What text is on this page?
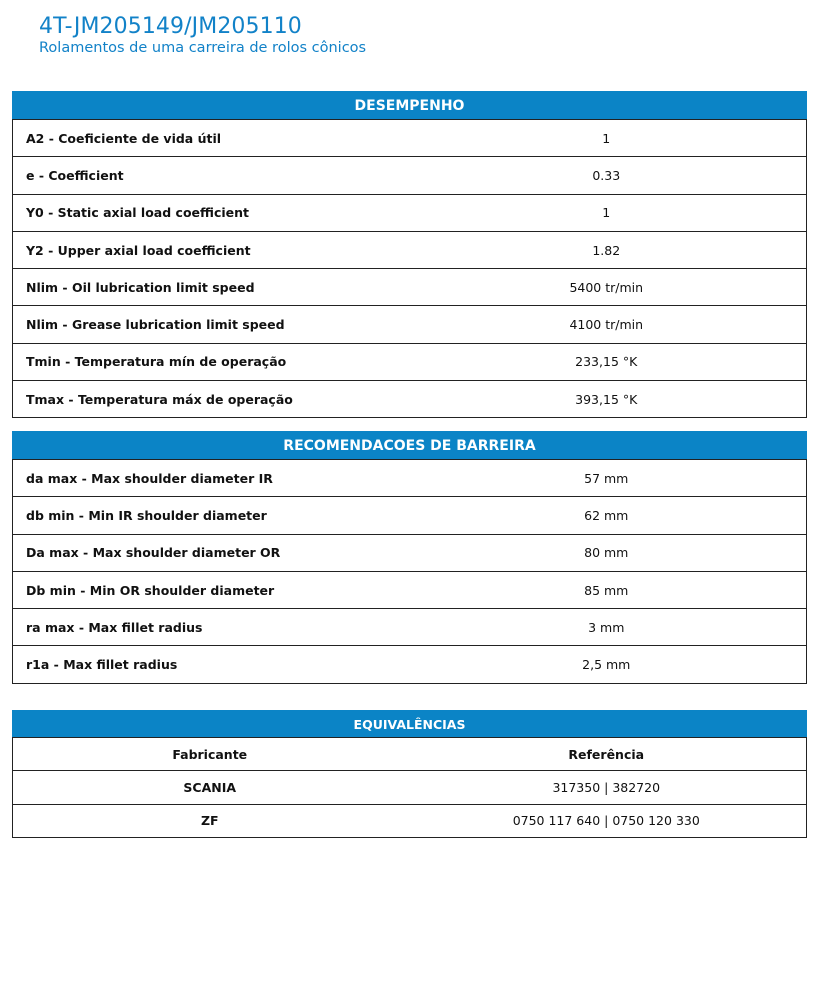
4T-JM205149/JM205110
Rolamentos de uma carreira de rolos cônicos
DESEMPENHO
A2 - Coeficiente de vida útil	1
e - Coefficient	0.33
Y0 - Static axial load coefficient	1
Y2 - Upper axial load coefficient	1.82
Nlim - Oil lubrication limit speed	5400 tr/min
Nlim - Grease lubrication limit speed	4100 tr/min
Tmin - Temperatura mín de operação	233,15 °K
Tmax - Temperatura máx de operação	393,15 °K
RECOMENDACOES DE BARREIRA
da max - Max shoulder diameter IR	57 mm
db min - Min IR shoulder diameter	62 mm
Da max - Max shoulder diameter OR	80 mm
Db min - Min OR shoulder diameter	85 mm
ra max - Max fillet radius	3 mm
r1a - Max fillet radius	2,5 mm
EQUIVALÊNCIAS
Fabricante	Referência
SCANIA	317350 | 382720
ZF	0750 117 640 | 0750 120 330
